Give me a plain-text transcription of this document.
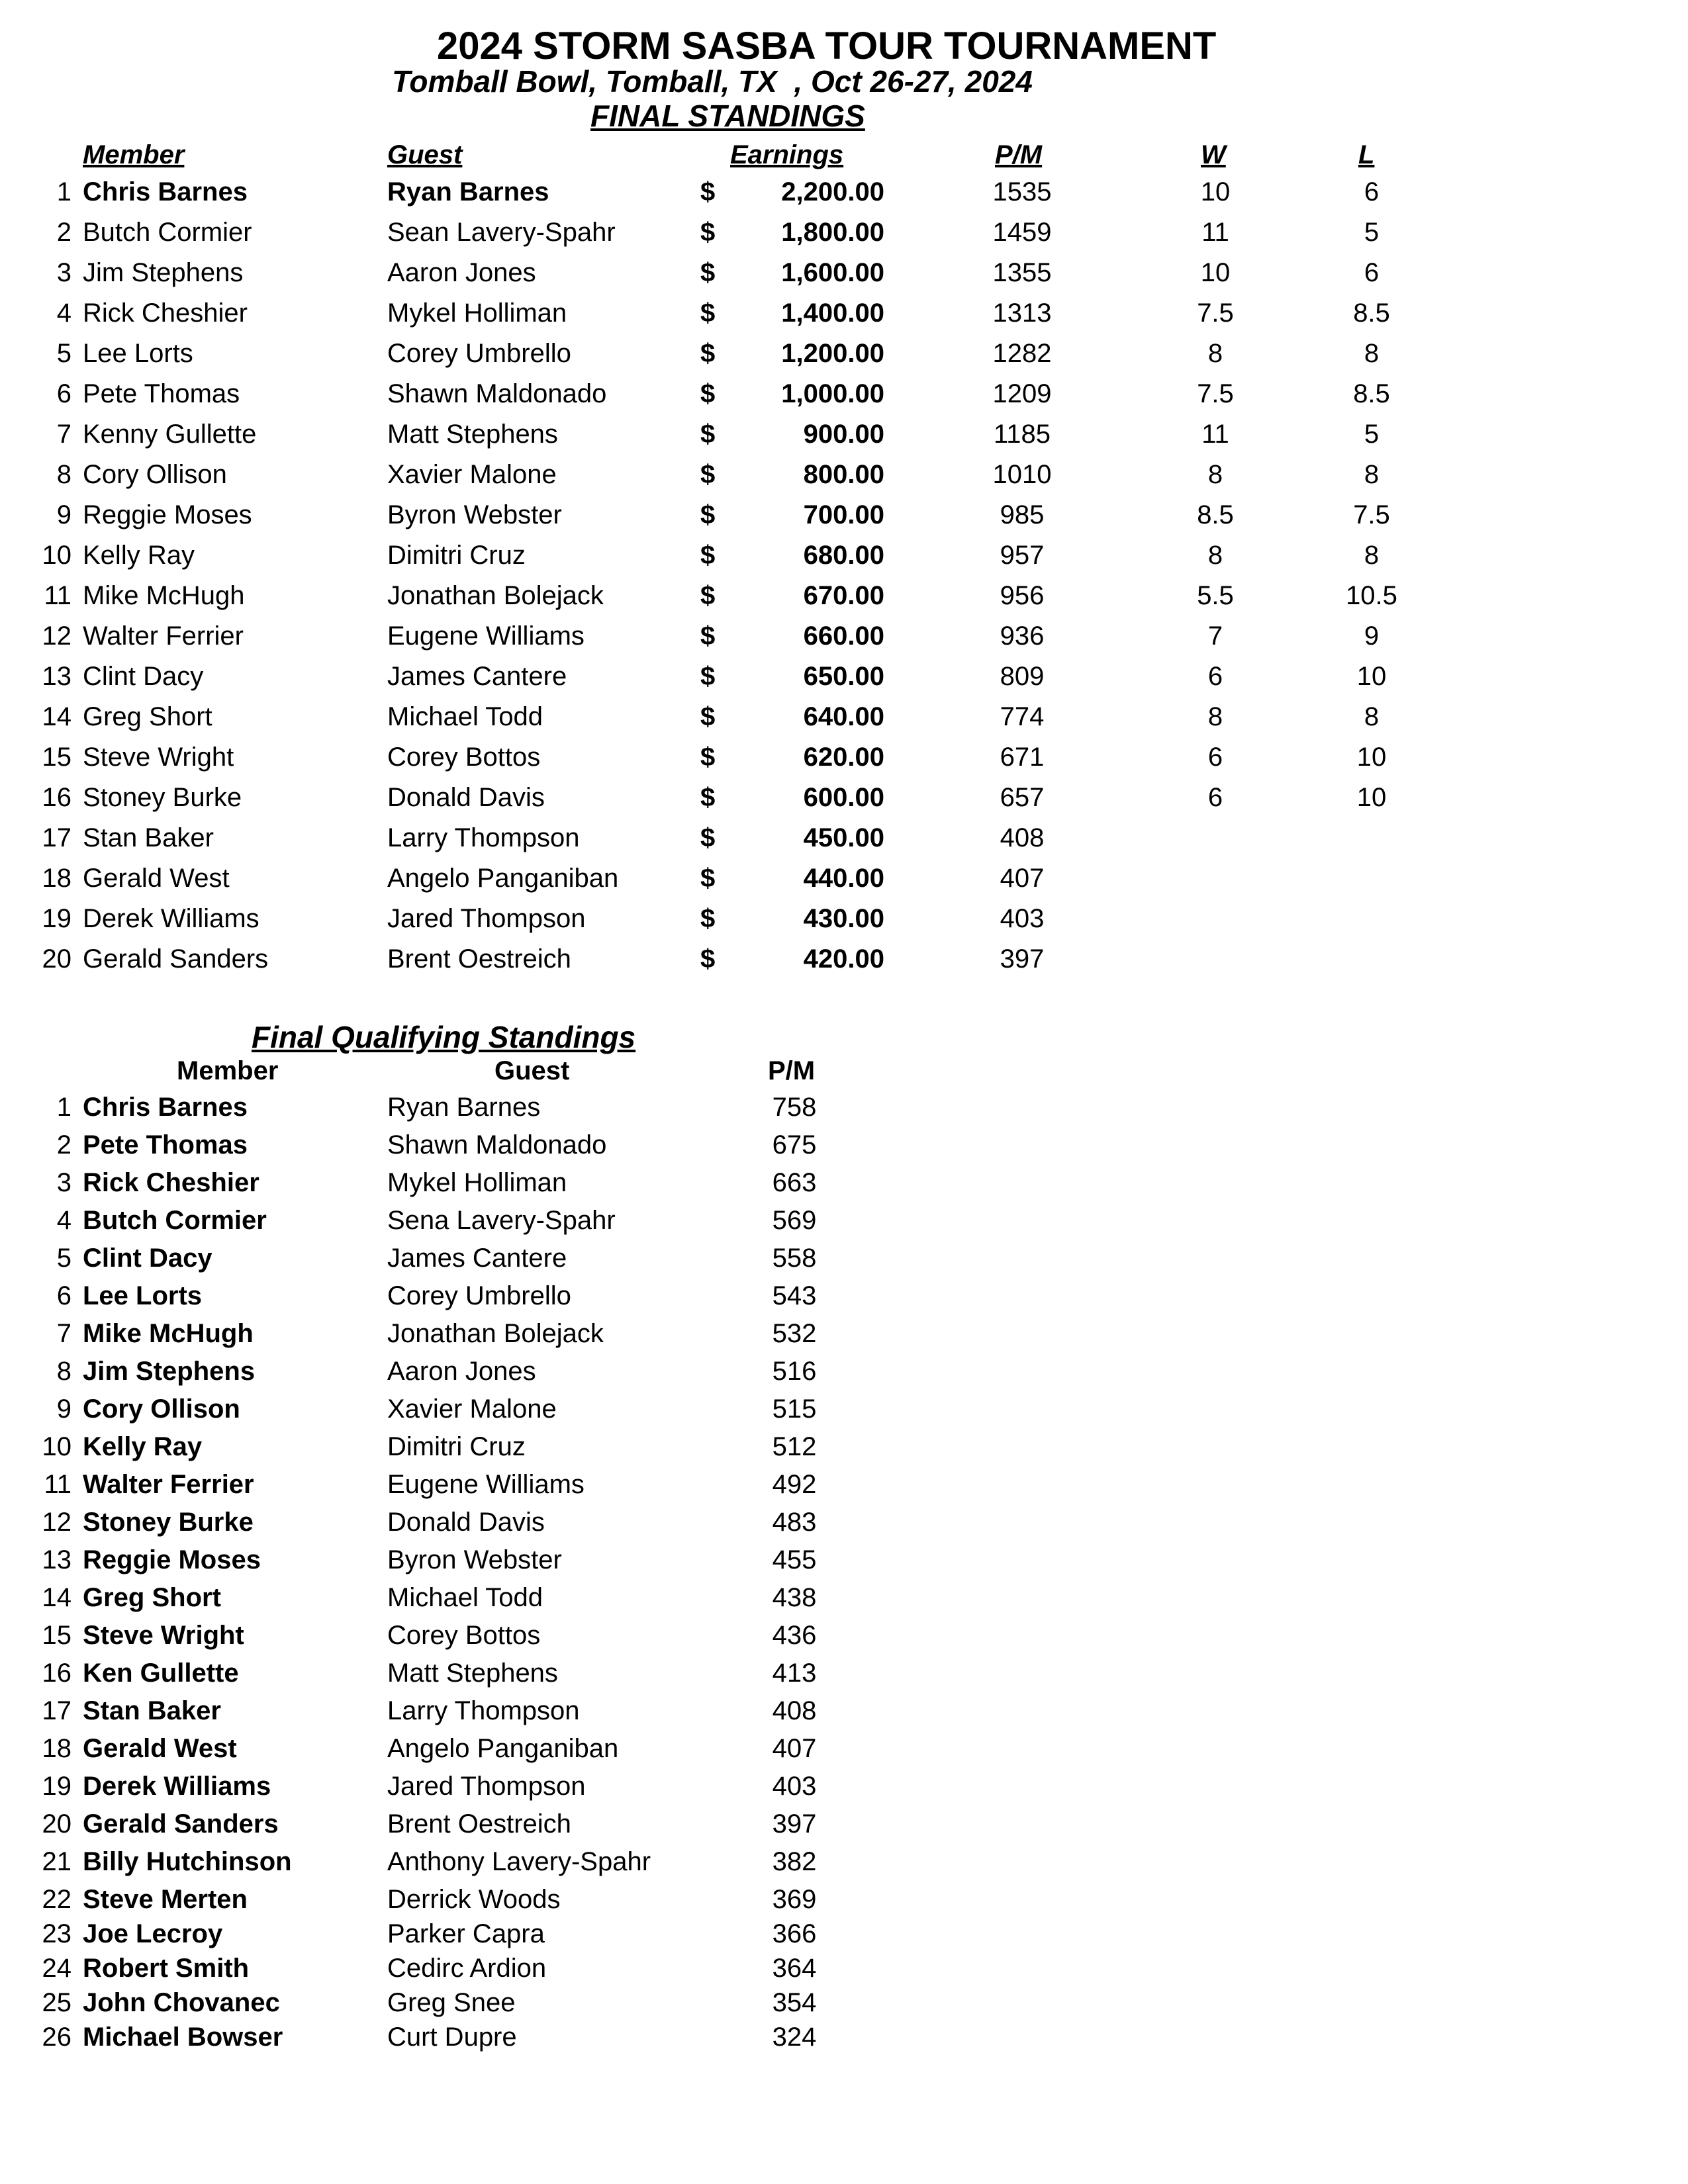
2024 STORM SASBA TOUR TOURNAMENT
Tomball Bowl, Tomball, TX  , Oct 26-27, 2024
FINAL STANDINGS
Member	Guest	Earnings	P/M	W	L
1 Chris Barnes	Ryan Barnes	$	2,200.00	1535	10	6
2 Butch Cormier	Sean Lavery-Spahr	$	1,800.00	1459	11	5
3 Jim Stephens	Aaron Jones	$	1,600.00	1355	10	6
4 Rick Cheshier	Mykel Holliman	$	1,400.00	1313	7.5	8.5
5 Lee Lorts	Corey Umbrello	$	1,200.00	1282	8	8
6 Pete Thomas	Shawn Maldonado	$	1,000.00	1209	7.5	8.5
7 Kenny Gullette	Matt Stephens	$	900.00	1185	11	5
8 Cory Ollison	Xavier Malone	$	800.00	1010	8	8
9 Reggie Moses	Byron Webster	$	700.00	985	8.5	7.5
10 Kelly Ray	Dimitri Cruz	$	680.00	957	8	8
11 Mike McHugh	Jonathan Bolejack	$	670.00	956	5.5	10.5
12 Walter Ferrier	Eugene Williams	$	660.00	936	7	9
13 Clint Dacy	James Cantere	$	650.00	809	6	10
14 Greg Short	Michael Todd	$	640.00	774	8	8
15 Steve Wright	Corey Bottos	$	620.00	671	6	10
16 Stoney Burke	Donald Davis	$	600.00	657	6	10
17 Stan Baker	Larry Thompson	$	450.00	408
18 Gerald West	Angelo Panganiban	$	440.00	407
19 Derek Williams	Jared Thompson	$	430.00	403
20 Gerald Sanders	Brent Oestreich	$	420.00	397
Final Qualifying Standings
Member	Guest	P/M
1 Chris Barnes	Ryan Barnes	758
2 Pete Thomas	Shawn Maldonado	675
3 Rick Cheshier	Mykel Holliman	663
4 Butch Cormier	Sena Lavery-Spahr	569
5 Clint Dacy	James Cantere	558
6 Lee Lorts	Corey Umbrello	543
7 Mike McHugh	Jonathan Bolejack	532
8 Jim Stephens	Aaron Jones	516
9 Cory Ollison	Xavier Malone	515
10 Kelly Ray	Dimitri Cruz	512
11 Walter Ferrier	Eugene Williams	492
12 Stoney Burke	Donald Davis	483
13 Reggie Moses	Byron Webster	455
14 Greg Short	Michael Todd	438
15 Steve Wright	Corey Bottos	436
16 Ken Gullette	Matt Stephens	413
17 Stan Baker	Larry Thompson	408
18 Gerald West	Angelo Panganiban	407
19 Derek Williams	Jared Thompson	403
20 Gerald Sanders	Brent Oestreich	397
21 Billy Hutchinson	Anthony Lavery-Spahr	382
22 Steve Merten	Derrick Woods	369
23 Joe Lecroy	Parker Capra	366
24 Robert Smith	Cedirc Ardion	364
25 John Chovanec	Greg Snee	354
26 Michael Bowser	Curt Dupre	324
